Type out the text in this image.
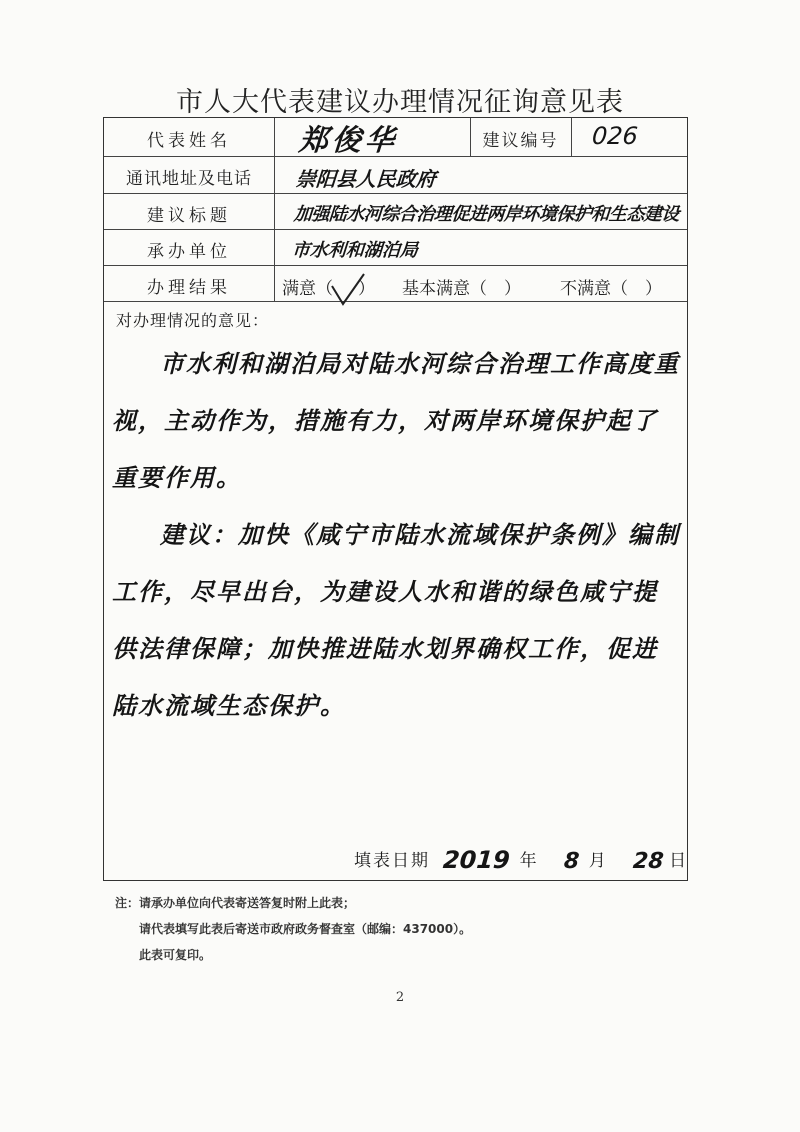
市人大代表建议办理情况征询意见表
代表姓名	郑俊华	建议编号	026
通讯地址及电话	崇阳县人民政府
建议标题	加强陆水河综合治理促进两岸环境保护和生态建设
承办单位	市水利和湖泊局
办理结果	满意（ ） 基本满意（　） 不满意（　）
对办理情况的意见：

市水利和湖泊局对陆水河综合治理工作高度重视，主动作为，措施有力，对两岸环境保护起了重要作用。

建议：加快《咸宁市陆水流域保护条例》编制工作，尽早出台，为建设人水和谐的绿色咸宁提供法律保障；加快推进陆水划界确权工作，促进陆水流域生态保护。

填表日期 2019 年 8 月 28 日
注：请承办单位向代表寄送答复时附上此表；
请代表填写此表后寄送市政府政务督查室（邮编：437000）。
此表可复印。
2
